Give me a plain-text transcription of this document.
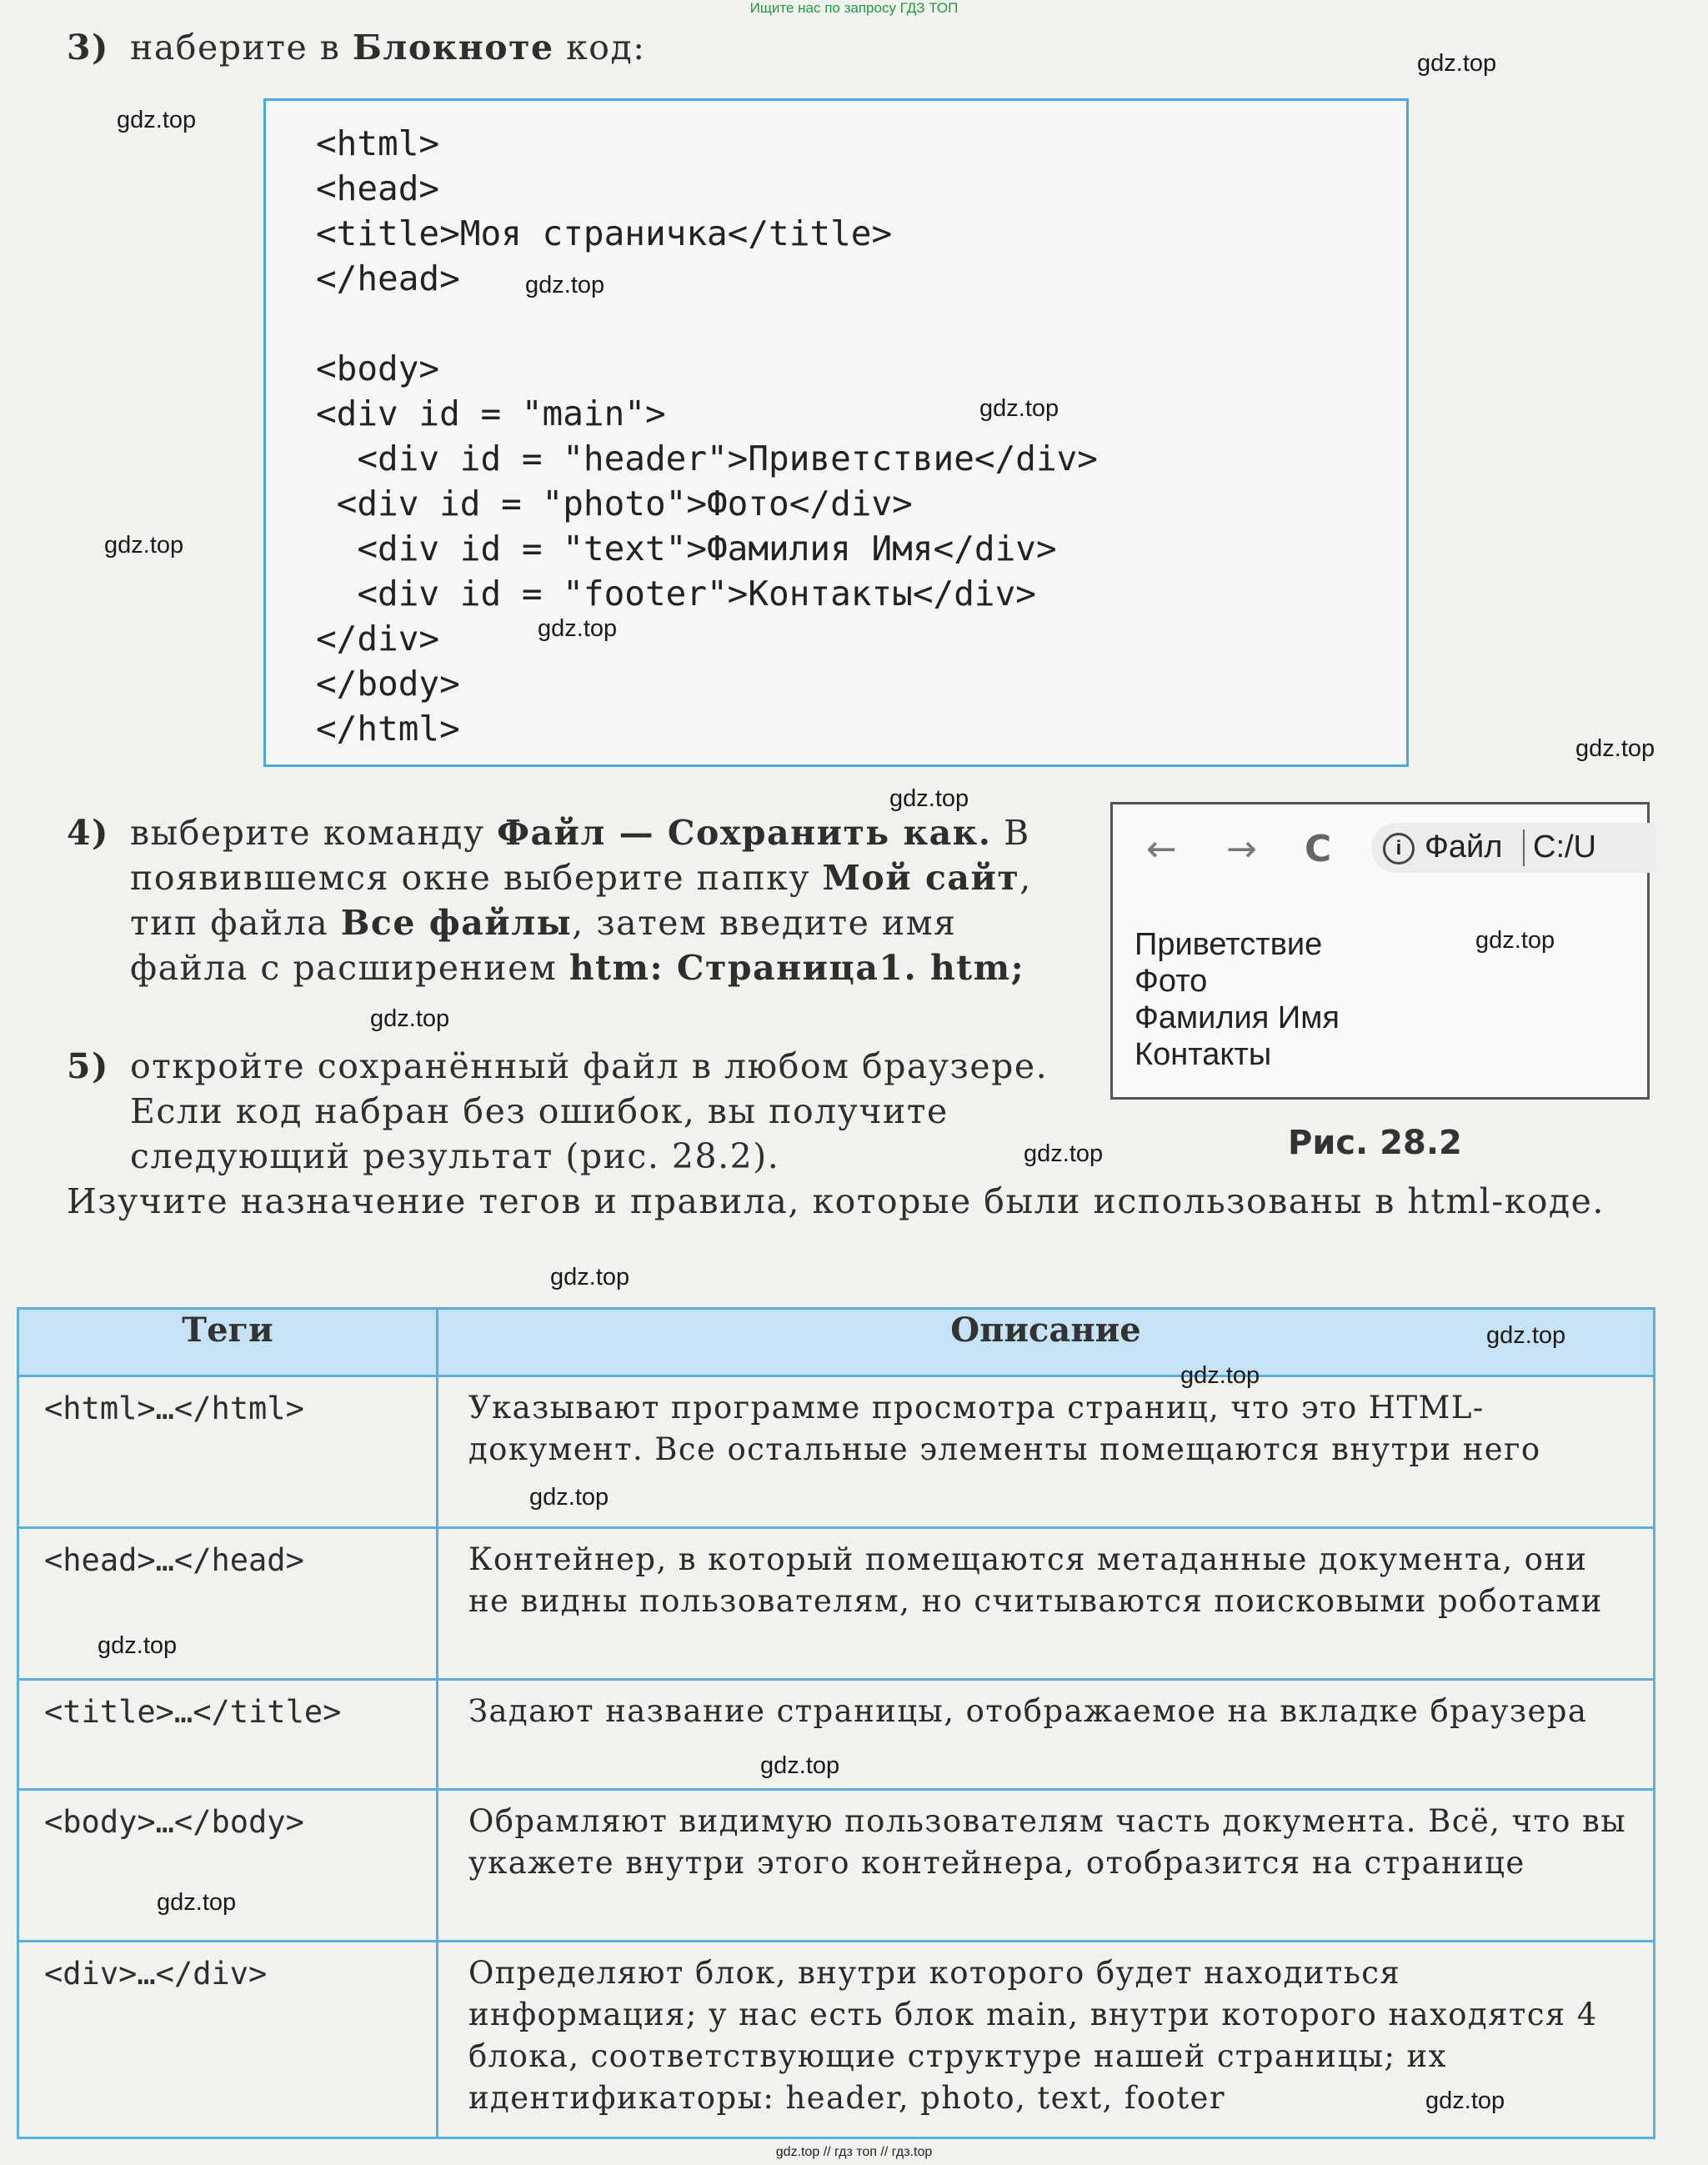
Ищите нас по запросу ГДЗ ТОП
3) наберите в Блокноте код:
<html>
<head>
<title>Моя страничка</title>
</head>
<body>
<div id = "main">
<div id = "header">Приветствие</div>
<div id = "photo">Фото</div>
<div id = "text">Фамилия Имя</div>
<div id = "footer">Контакты</div>
</div>
</body>
</html>
4) выберите команду Файл — Сохранить как. В появившемся окне выберите папку Мой сайт, тип файла Все файлы, затем введите имя файла с расширением htm: Страница1. htm;
5) откройте сохранённый файл в любом браузере. Если код набран без ошибок, вы получите следующий результат (рис. 28.2).
Изучите назначение тегов и правила, которые были использованы в html-коде.
← → C	i Файл C:/U
Приветствие
Фото
Фамилия Имя
Контакты
Рис. 28.2
Теги	Описание
<html>…</html>	Указывают программе просмотра страниц, что это HTML-документ. Все остальные элементы помещаются внутри него
<head>…</head>	Контейнер, в который помещаются метаданные документа, они не видны пользователям, но считываются поисковыми роботами
<title>…</title>	Задают название страницы, отображаемое на вкладке браузера
<body>…</body>	Обрамляют видимую пользователям часть документа. Всё, что вы укажете внутри этого контейнера, отобразится на странице
<div>…</div>	Определяют блок, внутри которого будет находиться информация; у нас есть блок main, внутри которого находятся 4 блока, соответствующие структуре нашей страницы; их идентификаторы: header, photo, text, footer
gdz.top
gdz.top
gdz.top
gdz.top
gdz.top
gdz.top
gdz.top
gdz.top
gdz.top
gdz.top
gdz.top
gdz.top
gdz.top
gdz.top
gdz.top
gdz.top
gdz.top
gdz.top
gdz.top
gdz.top // гдз топ // гдз.top
